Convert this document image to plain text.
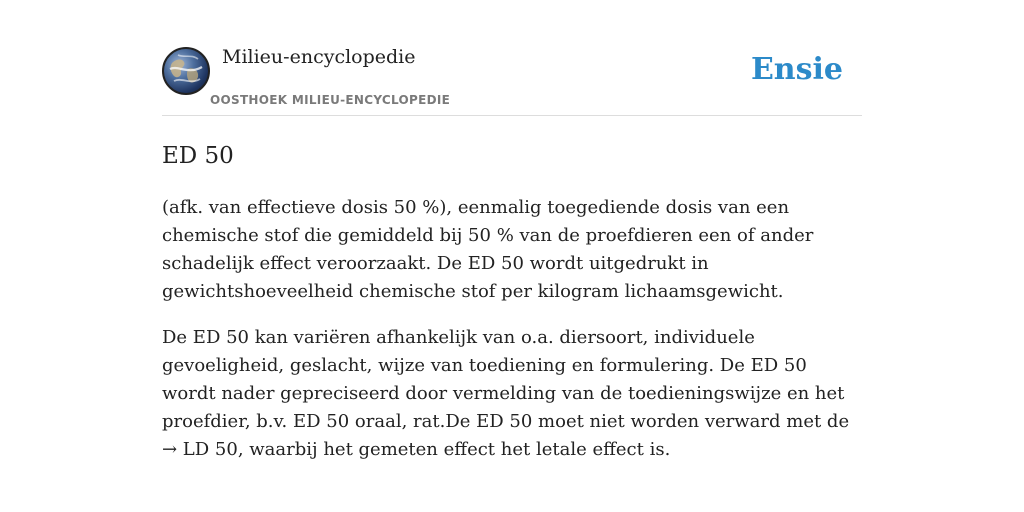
Milieu-encyclopedie
OOSTHOEK MILIEU-ENCYCLOPEDIE
Ensie
ED 50

(afk. van effectieve dosis 50 %), eenmalig toegediende dosis van een chemische stof die gemiddeld bij 50 % van de proefdieren een of ander schadelijk effect veroorzaakt. De ED 50 wordt uitgedrukt in gewichtshoeveelheid chemische stof per kilogram lichaamsgewicht.

De ED 50 kan variëren afhankelijk van o.a. diersoort, individuele gevoeligheid, geslacht, wijze van toediening en formulering. De ED 50 wordt nader gepreciseerd door vermelding van de toedieningswijze en het proefdier, b.v. ED 50 oraal, rat.De ED 50 moet niet worden verward met de → LD 50, waarbij het gemeten effect het letale effect is.
